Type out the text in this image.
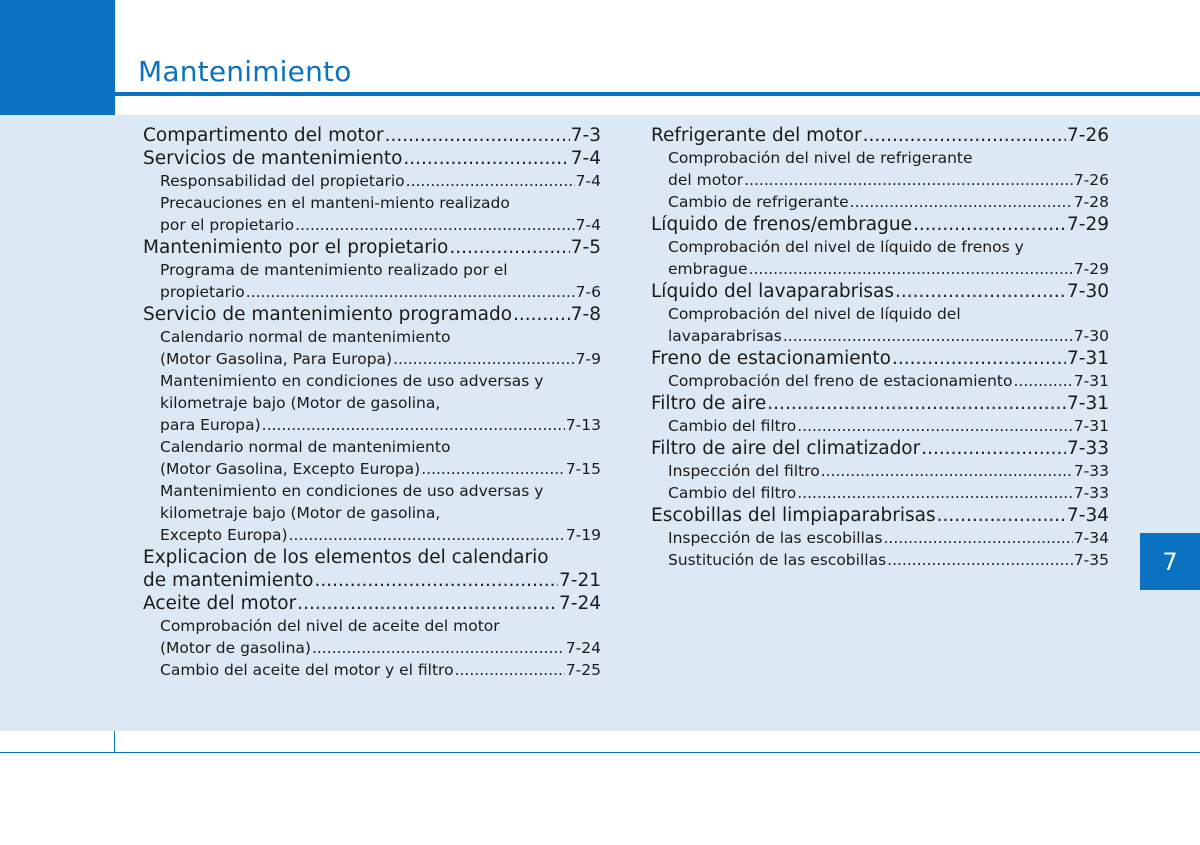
Mantenimiento
Compartimento del motor .....	7-3
Servicios de mantenimiento .....	7-4
Responsabilidad del propietario .....	7-4
Precauciones en el manteni-miento realizado
por el propietario .....	7-4
Mantenimiento por el propietario .....	7-5
Programa de mantenimiento realizado por el
propietario .....	7-6
Servicio de mantenimiento programado .....	7-8
Calendario normal de mantenimiento
(Motor Gasolina, Para Europa) .....	7-9
Mantenimiento en condiciones de uso adversas y
kilometraje bajo (Motor de gasolina,
para Europa) .....	7-13
Calendario normal de mantenimiento
(Motor Gasolina, Excepto Europa) .....	7-15
Mantenimiento en condiciones de uso adversas y
kilometraje bajo (Motor de gasolina,
Excepto Europa) .....	7-19
Explicacion de los elementos del calendario
de mantenimiento .....	7-21
Aceite del motor .....	7-24
Comprobación del nivel de aceite del motor
(Motor de gasolina) .....	7-24
Cambio del aceite del motor y el filtro .....	7-25
Refrigerante del motor .....	7-26
Comprobación del nivel de refrigerante
del motor .....	7-26
Cambio de refrigerante .....	7-28
Líquido de frenos/embrague .....	7-29
Comprobación del nivel de líquido de frenos y
embrague .....	7-29
Líquido del lavaparabrisas .....	7-30
Comprobación del nivel de líquido del
lavaparabrisas .....	7-30
Freno de estacionamiento .....	7-31
Comprobación del freno de estacionamiento .....	7-31
Filtro de aire .....	7-31
Cambio del filtro .....	7-31
Filtro de aire del climatizador .....	7-33
Inspección del filtro .....	7-33
Cambio del filtro .....	7-33
Escobillas del limpiaparabrisas .....	7-34
Inspección de las escobillas .....	7-34
Sustitución de las escobillas .....	7-35	7
